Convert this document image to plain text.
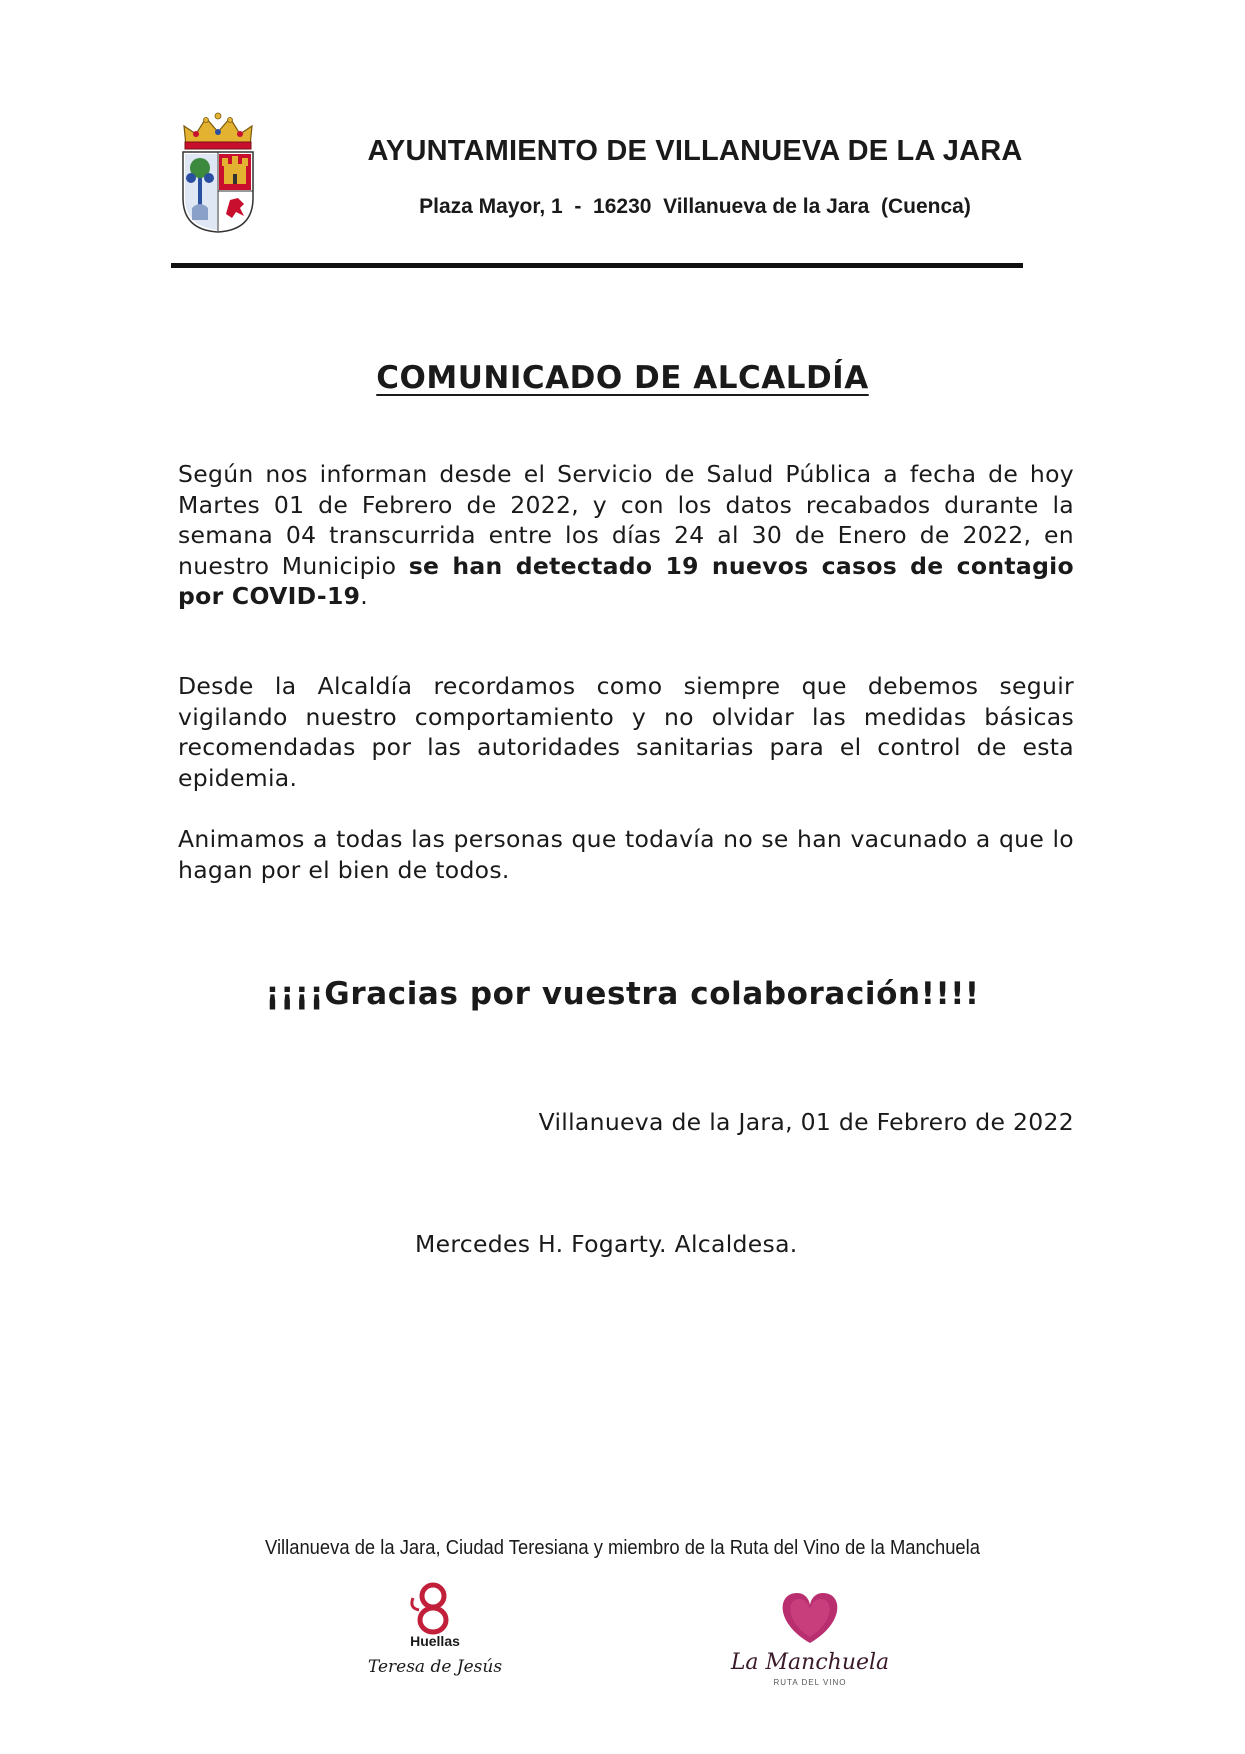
AYUNTAMIENTO DE VILLANUEVA DE LA JARA
Plaza Mayor, 1  -  16230  Villanueva de la Jara  (Cuenca)
COMUNICADO DE ALCALDÍA

Según nos informan desde el Servicio de Salud Pública a fecha de hoy Martes 01 de Febrero de 2022, y con los datos recabados durante la semana 04 transcurrida entre los días 24 al 30 de Enero de 2022, en nuestro Municipio se han detectado 19 nuevos casos de contagio por COVID-19.

Desde la Alcaldía recordamos como siempre que debemos seguir vigilando nuestro comportamiento y no olvidar las medidas básicas recomendadas por las autoridades sanitarias para el control de esta epidemia.

Animamos a todas las personas que todavía no se han vacunado a que lo hagan por el bien de todos.

¡¡¡¡Gracias por vuestra colaboración!!!!
Villanueva de la Jara, 01 de Febrero de 2022
Mercedes H. Fogarty. Alcaldesa.
Villanueva de la Jara, Ciudad Teresiana y miembro de la Ruta del Vino de la Manchuela
Huellas
Teresa de Jesús	La Manchuela
RUTA DEL VINO
